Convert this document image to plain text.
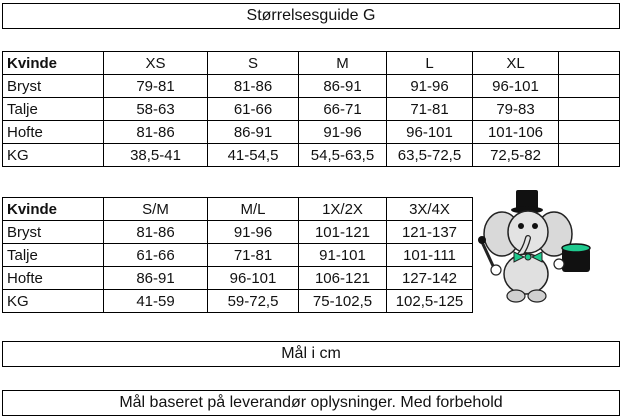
Størrelsesguide G
Kvinde	XS	S	M	L	XL	
Bryst	79-81	81-86	86-91	91-96	96-101	
Talje	58-63	61-66	66-71	71-81	79-83	
Hofte	81-86	86-91	91-96	96-101	101-106	
KG	38,5-41	41-54,5	54,5-63,5	63,5-72,5	72,5-82	
Kvinde	S/M	M/L	1X/2X	3X/4X
Bryst	81-86	91-96	101-121	121-137
Talje	61-66	71-81	91-101	101-111
Hofte	86-91	96-101	106-121	127-142
KG	41-59	59-72,5	75-102,5	102,5-125
Mål i cm
Mål baseret på leverandør oplysninger. Med forbehold
